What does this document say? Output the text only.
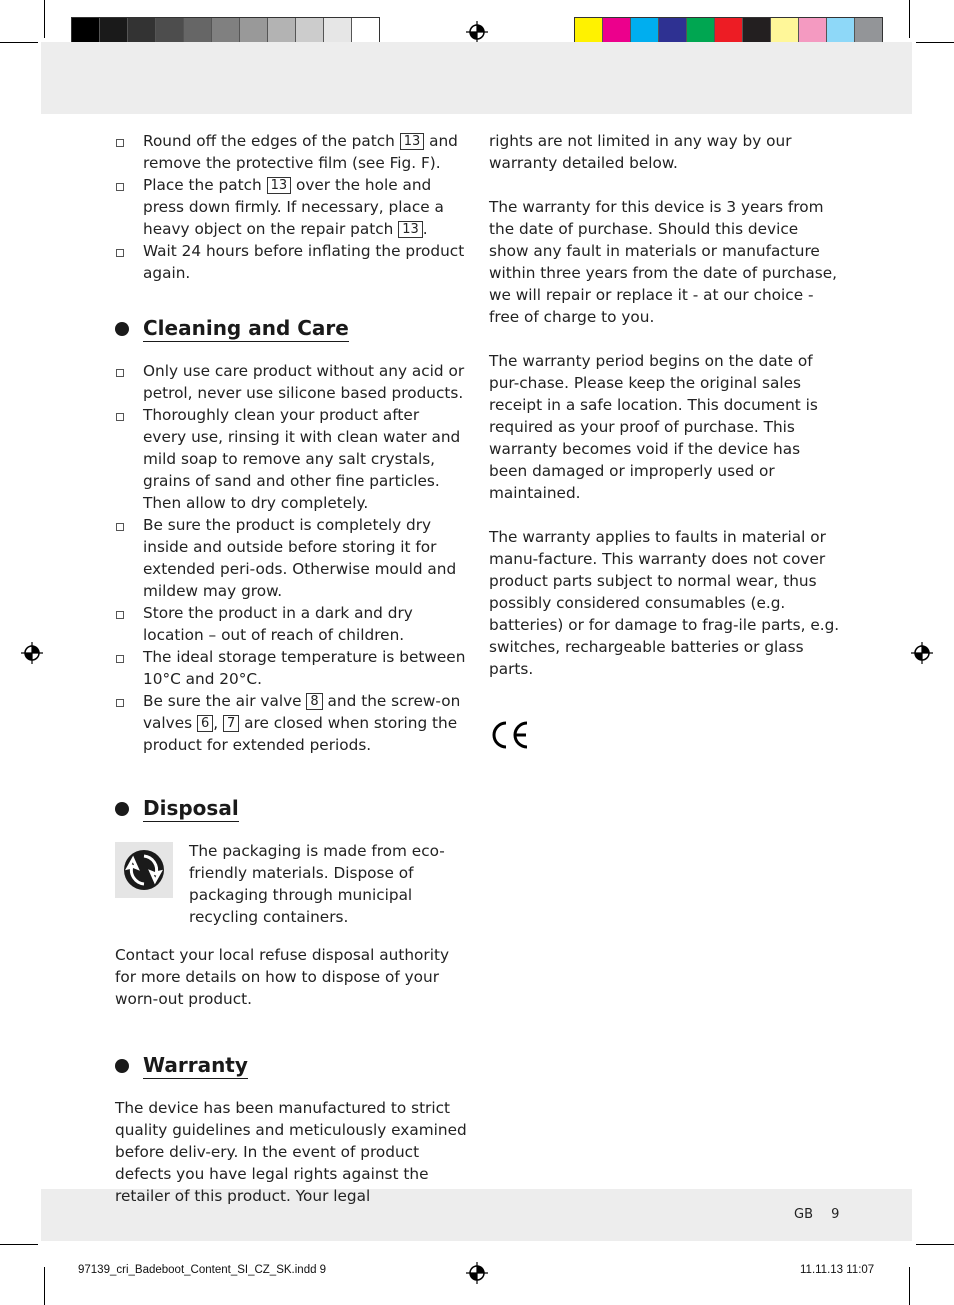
Round off the edges of the patch 13 and remove the protective film (see Fig. F).
Place the patch 13 over the hole and press down firmly. If necessary, place a heavy object on the repair patch 13 .
Wait 24 hours before inflating the product again.
Cleaning and Care
Only use care product without any acid or petrol, never use silicone based products.
Thoroughly clean your product after every use, rinsing it with clean water and mild soap to remove any salt crystals, grains of sand and other fine particles. Then allow to dry completely.
Be sure the product is completely dry inside and outside before storing it for extended peri-ods. Otherwise mould and mildew may grow.
Store the product in a dark and dry location – out of reach of children.
The ideal storage temperature is between 10°C and 20°C.
Be sure the air valve 8 and the screw-on valves 6 , 7 are closed when storing the product for extended periods.
Disposal

The packaging is made from eco-friendly materials. Dispose of packaging through municipal recycling containers.

Contact your local refuse disposal authority for more details on how to dispose of your worn-out product.

Warranty

The device has been manufactured to strict quality guidelines and meticulously examined before deliv-ery. In the event of product defects you have legal rights against the retailer of this product. Your legal

rights are not limited in any way by our warranty detailed below.

The warranty for this device is 3 years from the date of purchase. Should this device show any fault in materials or manufacture within three years from the date of purchase, we will repair or replace it - at our choice - free of charge to you.

The warranty period begins on the date of pur-chase. Please keep the original sales receipt in a safe location. This document is required as your proof of purchase. This warranty becomes void if the device has been damaged or improperly used or maintained.

The warranty applies to faults in material or manu-facture. This warranty does not cover product parts subject to normal wear, thus possibly considered consumables (e.g. batteries) or for damage to frag-ile parts, e.g. switches, rechargeable batteries or glass parts.

GB 9
97139_cri_Badeboot_Content_SI_CZ_SK.indd 9	11.11.13 11:07
